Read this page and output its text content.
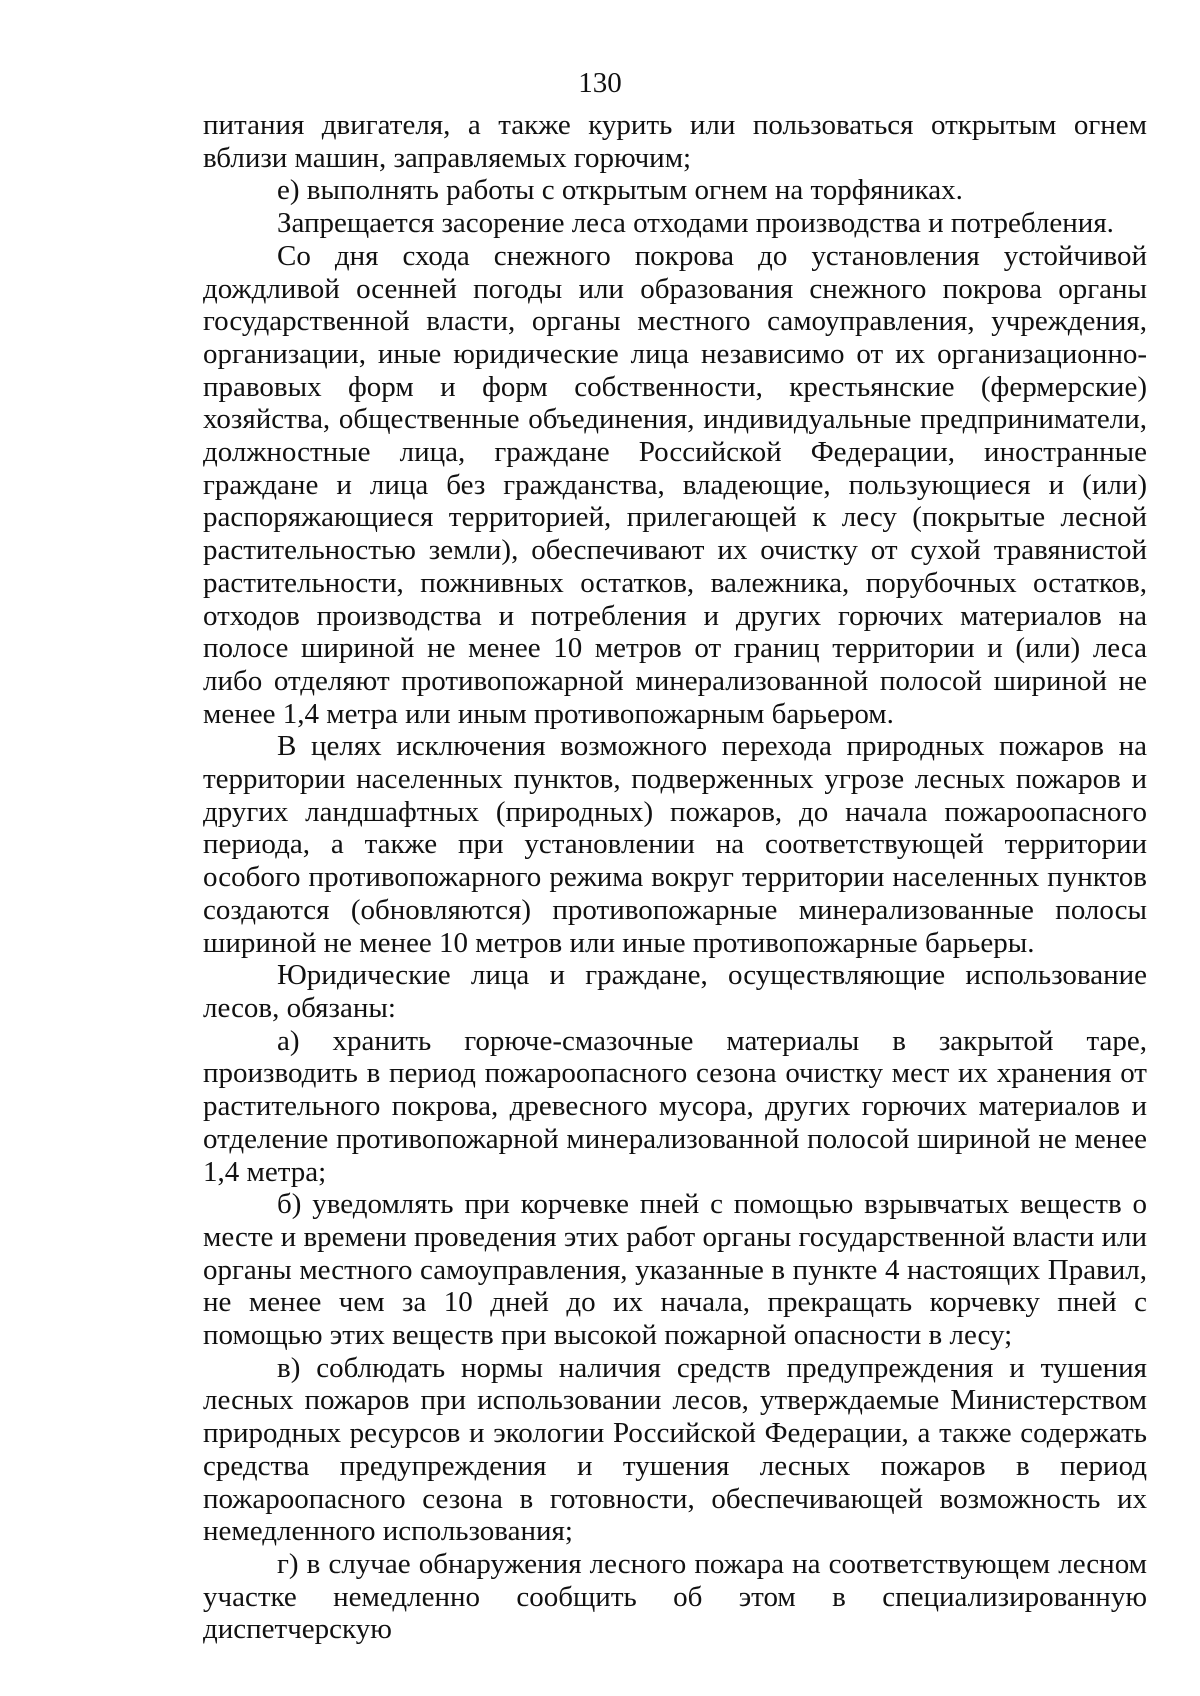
130

питания двигателя, а также курить или пользоваться открытым огнем вблизи машин, заправляемых горючим;

е) выполнять работы с открытым огнем на торфяниках.

Запрещается засорение леса отходами производства и потребления.

Со дня схода снежного покрова до установления устойчивой дождливой осенней погоды или образования снежного покрова органы государственной власти, органы местного самоуправления, учреждения, организации, иные юридические лица независимо от их организационно-правовых форм и форм собственности, крестьянские (фермерские) хозяйства, общественные объединения, индивидуальные предприниматели, должностные лица, граждане Российской Федерации, иностранные граждане и лица без гражданства, владеющие, пользующиеся и (или) распоряжающиеся территорией, прилегающей к лесу (покрытые лесной растительностью земли), обеспечивают их очистку от сухой травянистой растительности, пожнивных остатков, валежника, порубочных остатков, отходов производства и потребления и других горючих материалов на полосе шириной не менее 10 метров от границ территории и (или) леса либо отделяют противопожарной минерализованной полосой шириной не менее 1,4 метра или иным противопожарным барьером.

В целях исключения возможного перехода природных пожаров на территории населенных пунктов, подверженных угрозе лесных пожаров и других ландшафтных (природных) пожаров, до начала пожароопасного периода, а также при установлении на соответствующей территории особого противопожарного режима вокруг территории населенных пунктов создаются (обновляются) противопожарные минерализованные полосы шириной не менее 10 метров или иные противопожарные барьеры.

Юридические лица и граждане, осуществляющие использование лесов, обязаны:

а) хранить горюче-смазочные материалы в закрытой таре, производить в период пожароопасного сезона очистку мест их хранения от растительного покрова, древесного мусора, других горючих материалов и отделение противопожарной минерализованной полосой шириной не менее 1,4 метра;

б) уведомлять при корчевке пней с помощью взрывчатых веществ о месте и времени проведения этих работ органы государственной власти или органы местного самоуправления, указанные в пункте 4 настоящих Правил, не менее чем за 10 дней до их начала, прекращать корчевку пней с помощью этих веществ при высокой пожарной опасности в лесу;

в) соблюдать нормы наличия средств предупреждения и тушения лесных пожаров при использовании лесов, утверждаемые Министерством природных ресурсов и экологии Российской Федерации, а также содержать средства предупреждения и тушения лесных пожаров в период пожароопасного сезона в готовности, обеспечивающей возможность их немедленного использования;

г) в случае обнаружения лесного пожара на соответствующем лесном участке немедленно сообщить об этом в специализированную диспетчерскую
